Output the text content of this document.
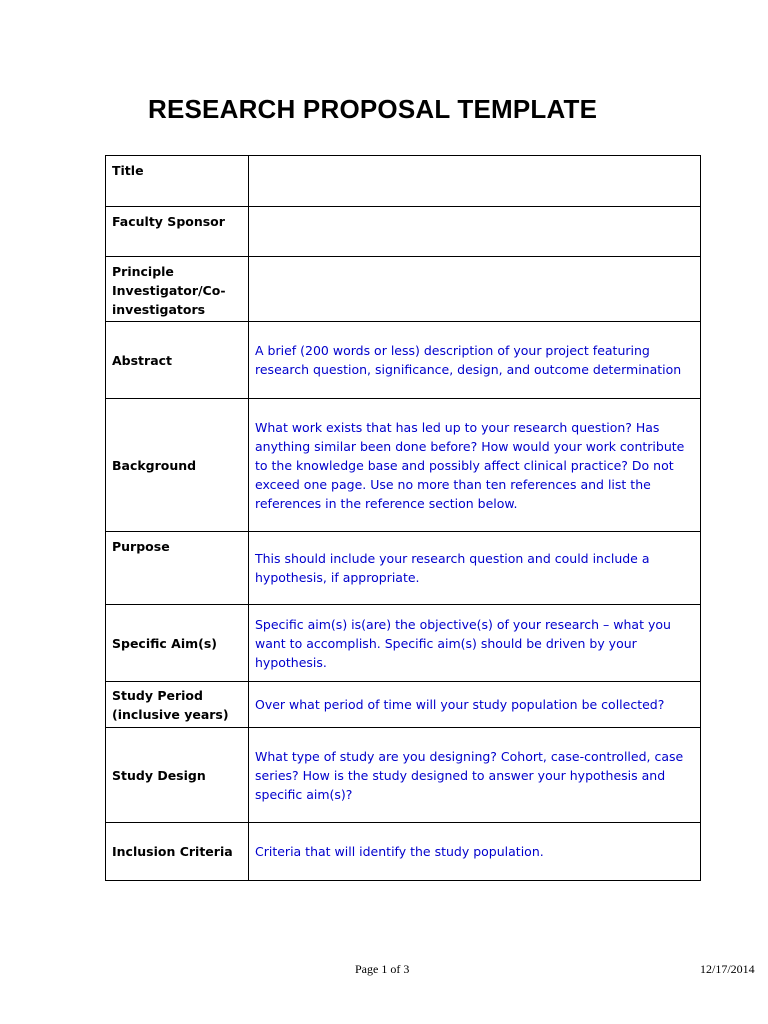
RESEARCH PROPOSAL TEMPLATE
Title	
Faculty Sponsor	
Principle Investigator/Co-investigators	
Abstract	A brief (200 words or less) description of your project featuring research question, significance, design, and outcome determination
Background	What work exists that has led up to your research question? Has anything similar been done before? How would your work contribute to the knowledge base and possibly affect clinical practice? Do not exceed one page. Use no more than ten references and list the references in the reference section below.
Purpose	This should include your research question and could include a hypothesis, if appropriate.
Specific Aim(s)	Specific aim(s) is(are) the objective(s) of your research – what you want to accomplish. Specific aim(s) should be driven by your hypothesis.
Study Period (inclusive years)	Over what period of time will your study population be collected?
Study Design	What type of study are you designing? Cohort, case-controlled, case series? How is the study designed to answer your hypothesis and specific aim(s)?
Inclusion Criteria	Criteria that will identify the study population.
Page 1 of 3	12/17/2014
